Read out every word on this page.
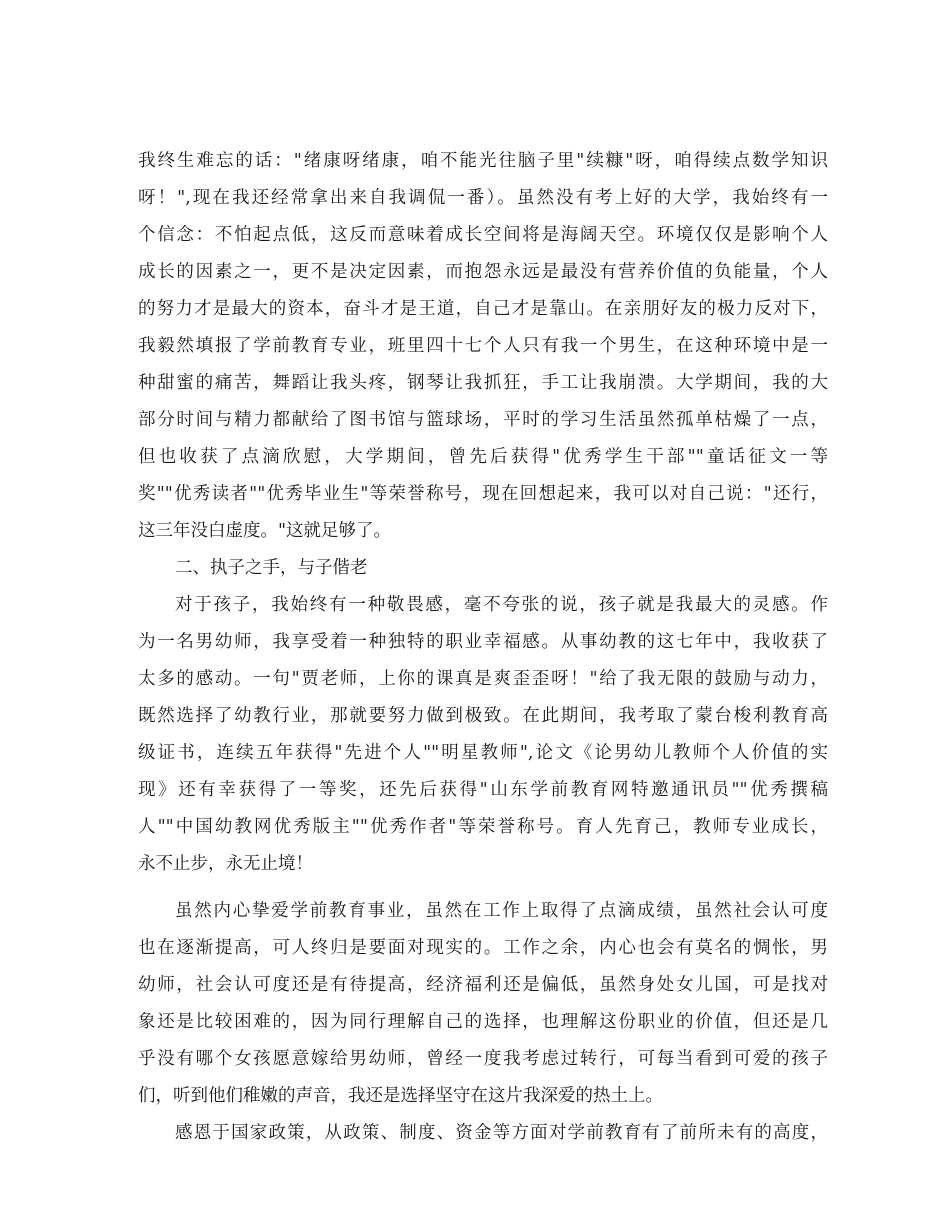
我终生难忘的话："绪康呀绪康，咱不能光往脑子里"续糠"呀，咱得续点数学知识
呀！",现在我还经常拿出来自我调侃一番）。虽然没有考上好的大学，我始终有一
个信念：不怕起点低，这反而意味着成长空间将是海阔天空。环境仅仅是影响个人
成长的因素之一，更不是决定因素，而抱怨永远是最没有营养价值的负能量，个人
的努力才是最大的资本，奋斗才是王道，自己才是靠山。在亲朋好友的极力反对下，
我毅然填报了学前教育专业，班里四十七个人只有我一个男生，在这种环境中是一
种甜蜜的痛苦，舞蹈让我头疼，钢琴让我抓狂，手工让我崩溃。大学期间，我的大
部分时间与精力都献给了图书馆与篮球场，平时的学习生活虽然孤单枯燥了一点，
但也收获了点滴欣慰，大学期间，曾先后获得"优秀学生干部""童话征文一等
奖""优秀读者""优秀毕业生"等荣誉称号，现在回想起来，我可以对自己说："还行，
这三年没白虚度。"这就足够了。
二、执子之手，与子偕老
对于孩子，我始终有一种敬畏感，毫不夸张的说，孩子就是我最大的灵感。作
为一名男幼师，我享受着一种独特的职业幸福感。从事幼教的这七年中，我收获了
太多的感动。一句"贾老师，上你的课真是爽歪歪呀！"给了我无限的鼓励与动力，
既然选择了幼教行业，那就要努力做到极致。在此期间，我考取了蒙台梭利教育高
级证书，连续五年获得"先进个人""明星教师",论文《论男幼儿教师个人价值的实
现》还有幸获得了一等奖，还先后获得"山东学前教育网特邀通讯员""优秀撰稿
人""中国幼教网优秀版主""优秀作者"等荣誉称号。育人先育己，教师专业成长，
永不止步，永无止境！
虽然内心挚爱学前教育事业，虽然在工作上取得了点滴成绩，虽然社会认可度
也在逐渐提高，可人终归是要面对现实的。工作之余，内心也会有莫名的惆怅，男
幼师，社会认可度还是有待提高，经济福利还是偏低，虽然身处女儿国，可是找对
象还是比较困难的，因为同行理解自己的选择，也理解这份职业的价值，但还是几
乎没有哪个女孩愿意嫁给男幼师，曾经一度我考虑过转行，可每当看到可爱的孩子
们，听到他们稚嫩的声音，我还是选择坚守在这片我深爱的热土上。
感恩于国家政策，从政策、制度、资金等方面对学前教育有了前所未有的高度，
